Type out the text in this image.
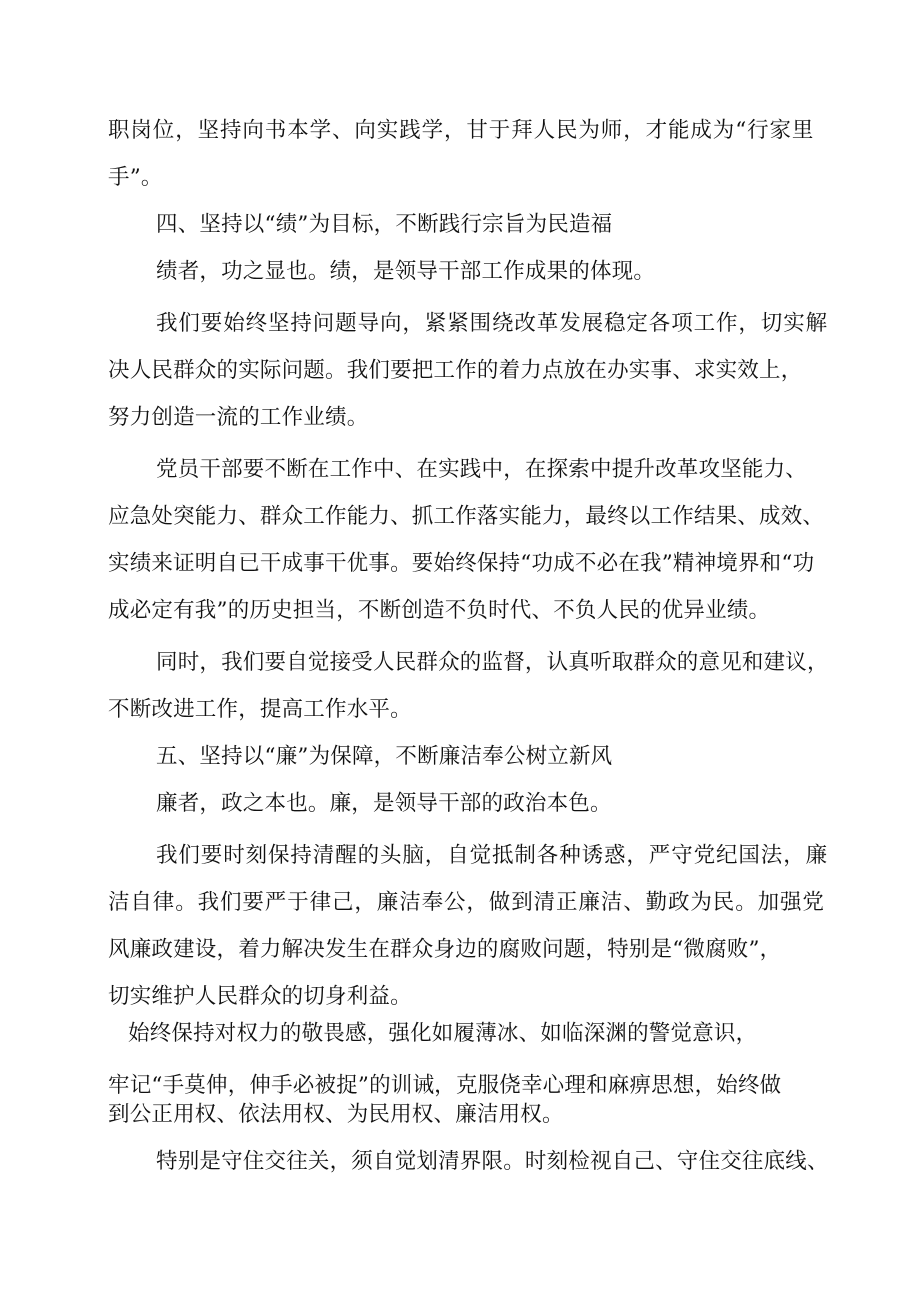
职岗位，坚持向书本学、向实践学，甘于拜人民为师，才能成为“行家里
手”。
四、坚持以“绩”为目标，不断践行宗旨为民造福
绩者，功之显也。绩，是领导干部工作成果的体现。
我们要始终坚持问题导向，紧紧围绕改革发展稳定各项工作，切实解
决人民群众的实际问题。我们要把工作的着力点放在办实事、求实效上，
努力创造一流的工作业绩。
党员干部要不断在工作中、在实践中，在探索中提升改革攻坚能力、
应急处突能力、群众工作能力、抓工作落实能力，最终以工作结果、成效、
实绩来证明自已干成事干优事。要始终保持“功成不必在我”精神境界和“功
成必定有我”的历史担当，不断创造不负时代、不负人民的优异业绩。
同时，我们要自觉接受人民群众的监督，认真听取群众的意见和建议，
不断改进工作，提高工作水平。
五、坚持以“廉”为保障，不断廉洁奉公树立新风
廉者，政之本也。廉，是领导干部的政治本色。
我们要时刻保持清醒的头脑，自觉抵制各种诱惑，严守党纪国法，廉
洁自律。我们要严于律己，廉洁奉公，做到清正廉洁、勤政为民。加强党
风廉政建设，着力解决发生在群众身边的腐败问题，特别是“微腐败”，
切实维护人民群众的切身利益。
始终保持对权力的敬畏感，强化如履薄冰、如临深渊的警觉意识，
牢记“手莫伸，伸手必被捉”的训诫，克服侥幸心理和麻痹思想，始终做
到公正用权、依法用权、为民用权、廉洁用权。
特别是守住交往关，须自觉划清界限。时刻检视自己、守住交往底线、
